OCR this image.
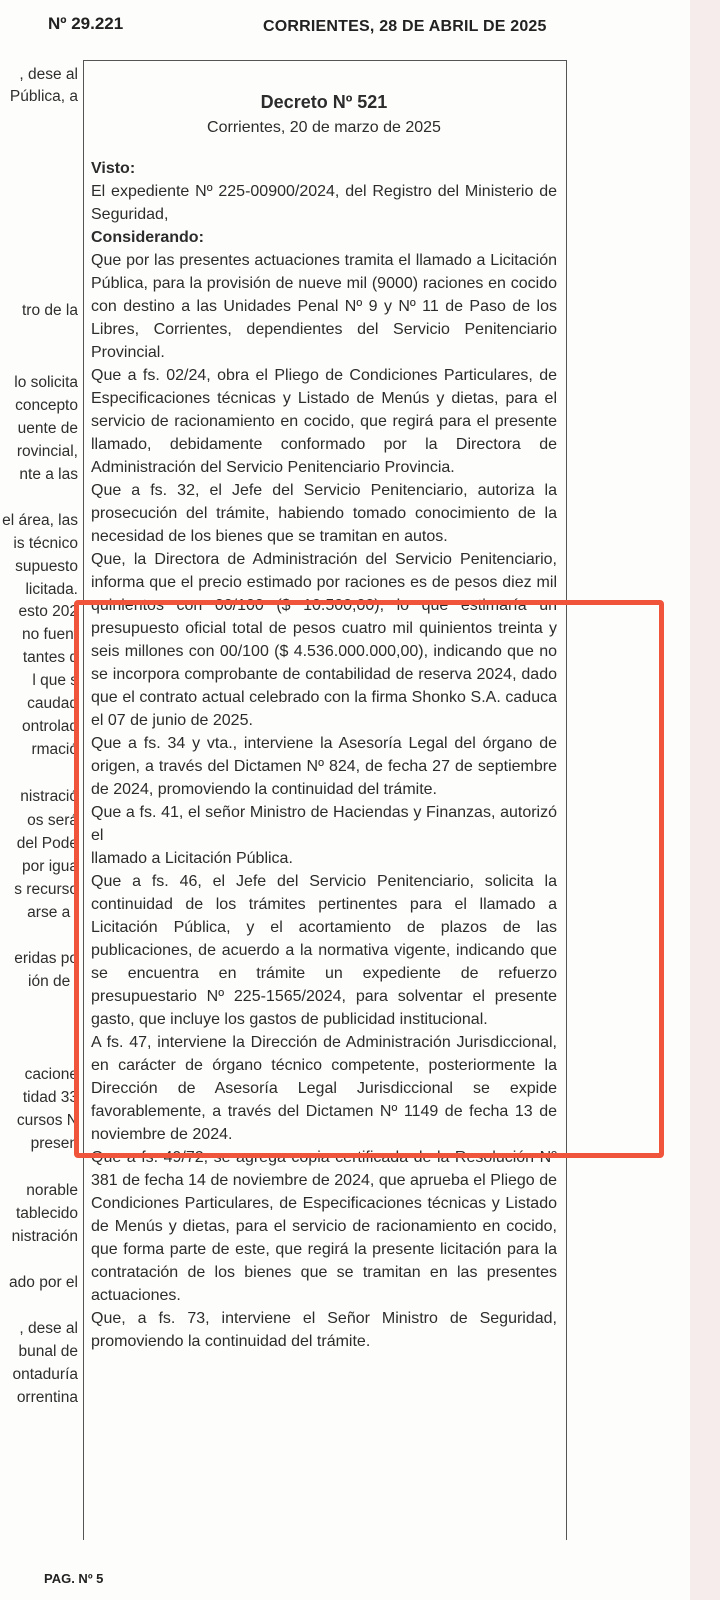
Nº 29.221	CORRIENTES, 28 DE ABRIL DE 2025
, dese al
Pública, a
tro de la
lo solicita
concepto
uente de
rovincial,
nte a las
el área, las
is técnico
supuesto
licitada.
esto 202
no fuent
tantes d
l que s
caudad
ontrolad
rmació
nistració
os será
del Pode
por igua
s recurso
arse a l
eridas po
ión de l
cacione
tidad 33
cursos N
presen
norable
tablecido
nistración
ado por el
, dese al
bunal de
ontaduría
orrentina
Decreto Nº 521
Corrientes, 20 de marzo de 2025

Visto:

El expediente Nº 225-00900/2024, del Registro del Ministerio de Seguridad,

Considerando:

Que por las presentes actuaciones tramita el llamado a Licitación Pública, para la provisión de nueve mil (9000) raciones en cocido con destino a las Unidades Penal Nº 9 y Nº 11 de Paso de los Libres, Corrientes, dependientes del Servicio Penitenciario Provincial.

Que a fs. 02/24, obra el Pliego de Condiciones Particulares, de Especificaciones técnicas y Listado de Menús y dietas, para el servicio de racionamiento en cocido, que regirá para el presente llamado, debidamente conformado por la Directora de Administración del Servicio Penitenciario Provincia.

Que a fs. 32, el Jefe del Servicio Penitenciario, autoriza la prosecución del trámite, habiendo tomado conocimiento de la necesidad de los bienes que se tramitan en autos.

Que, la Directora de Administración del Servicio Penitenciario, informa que el precio estimado por raciones es de pesos diez mil quinientos con 00/100 ($ 10.500,00), lo que estimaría un presupuesto oficial total de pesos cuatro mil quinientos treinta y seis millones con 00/100 ($ 4.536.000.000,00), indicando que no se incorpora comprobante de contabilidad de reserva 2024, dado que el contrato actual celebrado con la firma Shonko S.A. caduca el 07 de junio de 2025.

Que a fs. 34 y vta., interviene la Asesoría Legal del órgano de origen, a través del Dictamen Nº 824, de fecha 27 de septiembre de 2024, promoviendo la continuidad del trámite.

Que a fs. 41, el señor Ministro de Haciendas y Finanzas, autorizó el

llamado a Licitación Pública.

Que a fs. 46, el Jefe del Servicio Penitenciario, solicita la continuidad de los trámites pertinentes para el llamado a Licitación Pública, y el acortamiento de plazos de las publicaciones, de acuerdo a la normativa vigente, indicando que se encuentra en trámite un expediente de refuerzo presupuestario Nº 225-1565/2024, para solventar el presente gasto, que incluye los gastos de publicidad institucional.

A fs. 47, interviene la Dirección de Administración Jurisdiccional, en carácter de órgano técnico competente, posteriormente la Dirección de Asesoría Legal Jurisdiccional se expide favorablemente, a través del Dictamen Nº 1149 de fecha 13 de noviembre de 2024.

Que a fs. 49/72, se agrega copia certificada de la Resolución Nº 381 de fecha 14 de noviembre de 2024, que aprueba el Pliego de Condiciones Particulares, de Especificaciones técnicas y Listado de Menús y dietas, para el servicio de racionamiento en cocido, que forma parte de este, que regirá la presente licitación para la contratación de los bienes que se tramitan en las presentes actuaciones.

Que, a fs. 73, interviene el Señor Ministro de Seguridad, promoviendo la continuidad del trámite.

PAG. Nº 5
